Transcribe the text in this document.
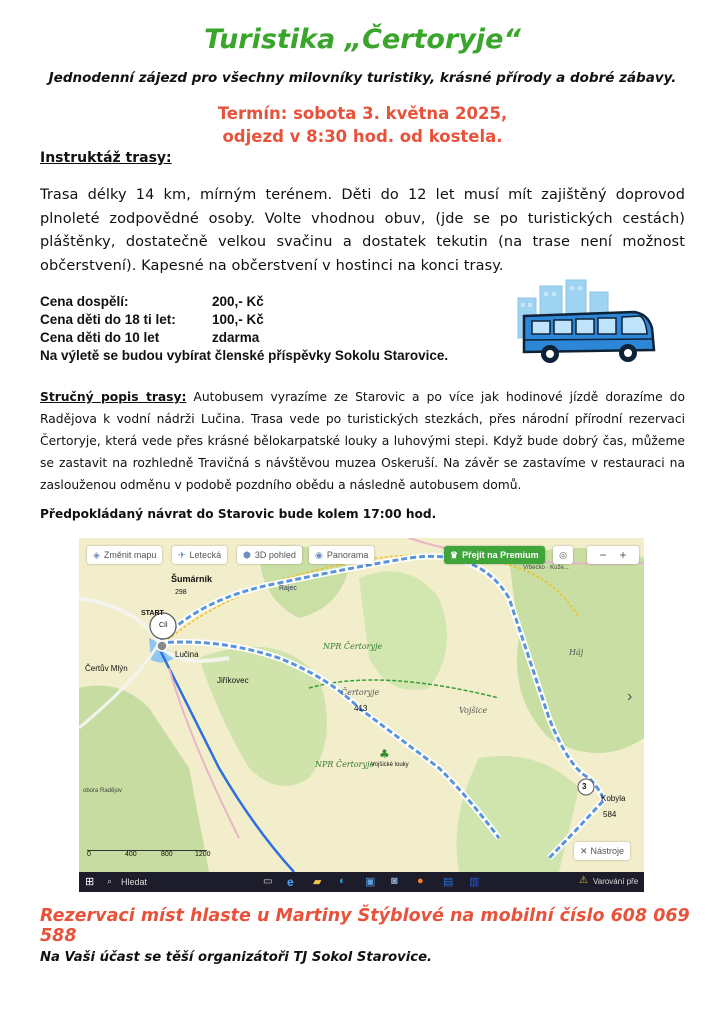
Turistika „Čertoryje“
Jednodenní zájezd pro všechny milovníky turistiky, krásné přírody a dobré zábavy.
Termín: sobota 3. května 2025,
odjezd v 8:30 hod. od kostela.
Instruktáž trasy:
Trasa délky 14 km, mírným terénem. Děti do 12 let musí mít zajištěný doprovod plnoleté zodpovědné osoby. Volte vhodnou obuv, (jde se po turistických cestách) pláštěnky, dostatečně velkou svačinu a dostatek tekutin (na trase není možnost občerstvení). Kapesné na občerstvení v hostinci na konci trasy.
Cena dospělí:	200,- Kč
Cena děti do 18 ti let:	100,- Kč
Cena děti do 10 let	zdarma
Na výletě se budou vybírat členské příspěvky Sokolu Starovice.
Stručný popis trasy: Autobusem vyrazíme ze Starovic a po více jak hodinové jízdě dorazíme do Radějova k vodní nádrži Lučina. Trasa vede po turistických stezkách, přes národní přírodní rezervaci Čertoryje, která vede přes krásné bělokarpatské louky a luhovými stepi. Když bude dobrý čas, můžeme se zastavit na rozhledně Travičná s návštěvou muzea Oskeruší. Na závěr se zastavíme v restauraci na zaslouženou odměnu v podobě pozdního obědu a následně autobusem domů.
Předpokládaný návrat do Starovic bude kolem 17:00 hod.
♣
Šumárník
298
Rajec
START
Cíl
Lučina
Čertův Mlýn
Jiříkovec
NPR Čertoryje
Čertoryje
413
NPR Čertoryje
Vojšické louky
Vojšice
Háj
Kobyla
584
3
obora Radějov
Vrbecko · Kuže...
◈ Změnit mapu ✈ Letecká ⬢ 3D pohled ◉ Panorama	♛ Přejít na Premium ◎	− +
›
✕ Nástroje
0	400	800	1200
⊞ ⌕ Hledat	▭ e ▰ ◐ ▣ ◙ ● ▤ ▥	⚠ Varování pře
Rezervaci míst hlaste u Martiny Štýblové na mobilní číslo 608 069 588
Na Vaši účast se těší organizátoři TJ Sokol Starovice.
